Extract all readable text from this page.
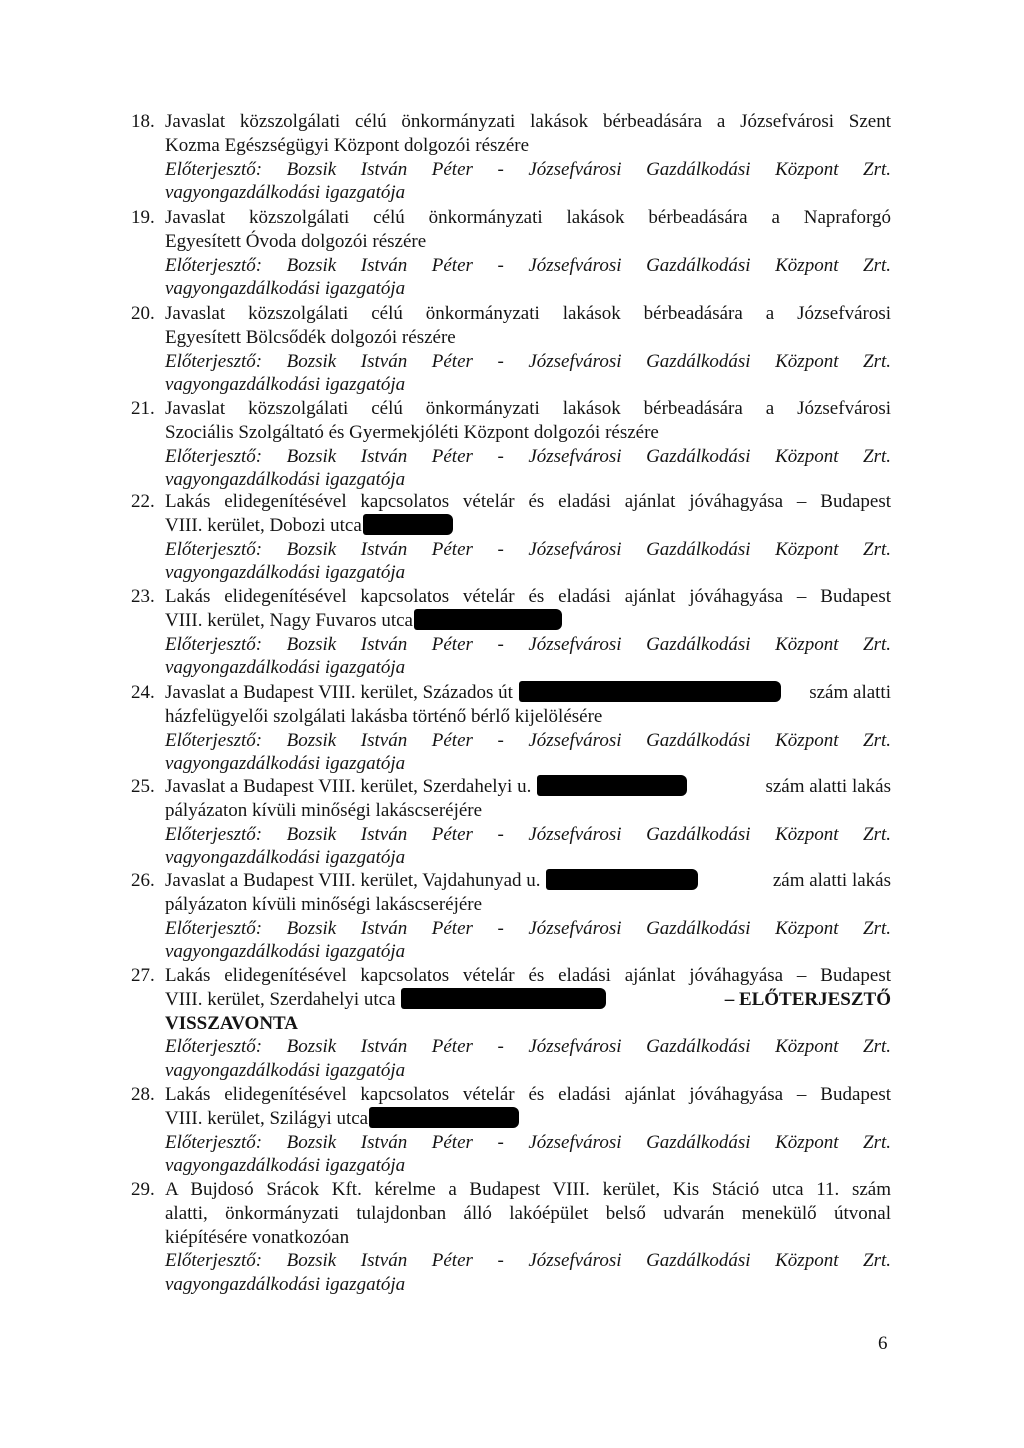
18. Javaslat közszolgálati célú önkormányzati lakások bérbeadására a Józsefvárosi Szent
Kozma Egészségügyi Központ dolgozói részére
Előterjesztő: Bozsik István Péter - Józsefvárosi Gazdálkodási Központ Zrt.
vagyongazdálkodási igazgatója
19. Javaslat közszolgálati célú önkormányzati lakások bérbeadására a Napraforgó
Egyesített Óvoda dolgozói részére
Előterjesztő: Bozsik István Péter - Józsefvárosi Gazdálkodási Központ Zrt.
vagyongazdálkodási igazgatója
20. Javaslat közszolgálati célú önkormányzati lakások bérbeadására a Józsefvárosi
Egyesített Bölcsődék dolgozói részére
Előterjesztő: Bozsik István Péter - Józsefvárosi Gazdálkodási Központ Zrt.
vagyongazdálkodási igazgatója
21. Javaslat közszolgálati célú önkormányzati lakások bérbeadására a Józsefvárosi
Szociális Szolgáltató és Gyermekjóléti Központ dolgozói részére
Előterjesztő: Bozsik István Péter - Józsefvárosi Gazdálkodási Központ Zrt.
vagyongazdálkodási igazgatója
22. Lakás elidegenítésével kapcsolatos vételár és eladási ajánlat jóváhagyása – Budapest
VIII. kerület, Dobozi utca
Előterjesztő: Bozsik István Péter - Józsefvárosi Gazdálkodási Központ Zrt.
vagyongazdálkodási igazgatója
23. Lakás elidegenítésével kapcsolatos vételár és eladási ajánlat jóváhagyása – Budapest
VIII. kerület, Nagy Fuvaros utca
Előterjesztő: Bozsik István Péter - Józsefvárosi Gazdálkodási Központ Zrt.
vagyongazdálkodási igazgatója
24. Javaslat a Budapest VIII. kerület, Százados út	szám alatti
házfelügyelői szolgálati lakásba történő bérlő kijelölésére
Előterjesztő: Bozsik István Péter - Józsefvárosi Gazdálkodási Központ Zrt.
vagyongazdálkodási igazgatója
25. Javaslat a Budapest VIII. kerület, Szerdahelyi u.	szám alatti lakás
pályázaton kívüli minőségi lakáscseréjére
Előterjesztő: Bozsik István Péter - Józsefvárosi Gazdálkodási Központ Zrt.
vagyongazdálkodási igazgatója
26. Javaslat a Budapest VIII. kerület, Vajdahunyad u.	zám alatti lakás
pályázaton kívüli minőségi lakáscseréjére
Előterjesztő: Bozsik István Péter - Józsefvárosi Gazdálkodási Központ Zrt.
vagyongazdálkodási igazgatója
27. Lakás elidegenítésével kapcsolatos vételár és eladási ajánlat jóváhagyása – Budapest
VIII. kerület, Szerdahelyi utca	– ELŐTERJESZTŐ
VISSZAVONTA
Előterjesztő: Bozsik István Péter - Józsefvárosi Gazdálkodási Központ Zrt.
vagyongazdálkodási igazgatója
28. Lakás elidegenítésével kapcsolatos vételár és eladási ajánlat jóváhagyása – Budapest
VIII. kerület, Szilágyi utca
Előterjesztő: Bozsik István Péter - Józsefvárosi Gazdálkodási Központ Zrt.
vagyongazdálkodási igazgatója
29. A Bujdosó Srácok Kft. kérelme a Budapest VIII. kerület, Kis Stáció utca 11. szám
alatti, önkormányzati tulajdonban álló lakóépület belső udvarán menekülő útvonal
kiépítésére vonatkozóan
Előterjesztő: Bozsik István Péter - Józsefvárosi Gazdálkodási Központ Zrt.
vagyongazdálkodási igazgatója
6
